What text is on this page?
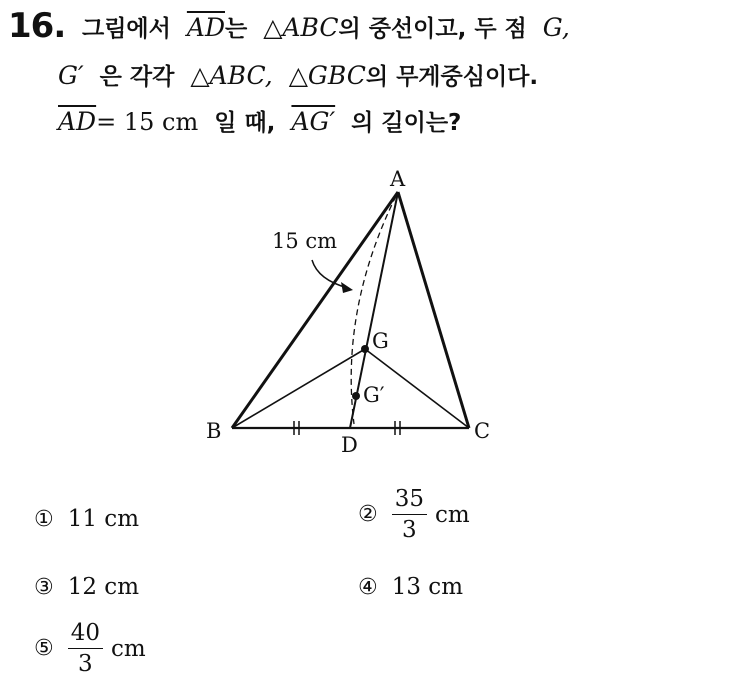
16. 그림에서 $\overline{AD}$는 △ABC의 중선이고, 두 점 G,
G′ 은 각각 △ABC, △GBC의 무게중심이다.
$\overline{AD}= 15$ cm 일 때, AG′ 의 길이는?
A
B	C
D
G
G′
15 cm
① 11 cm	② $\frac{35}{3}$ cm
③ 12 cm	④ 13 cm
⑤ $\frac{40}{3}$ cm
